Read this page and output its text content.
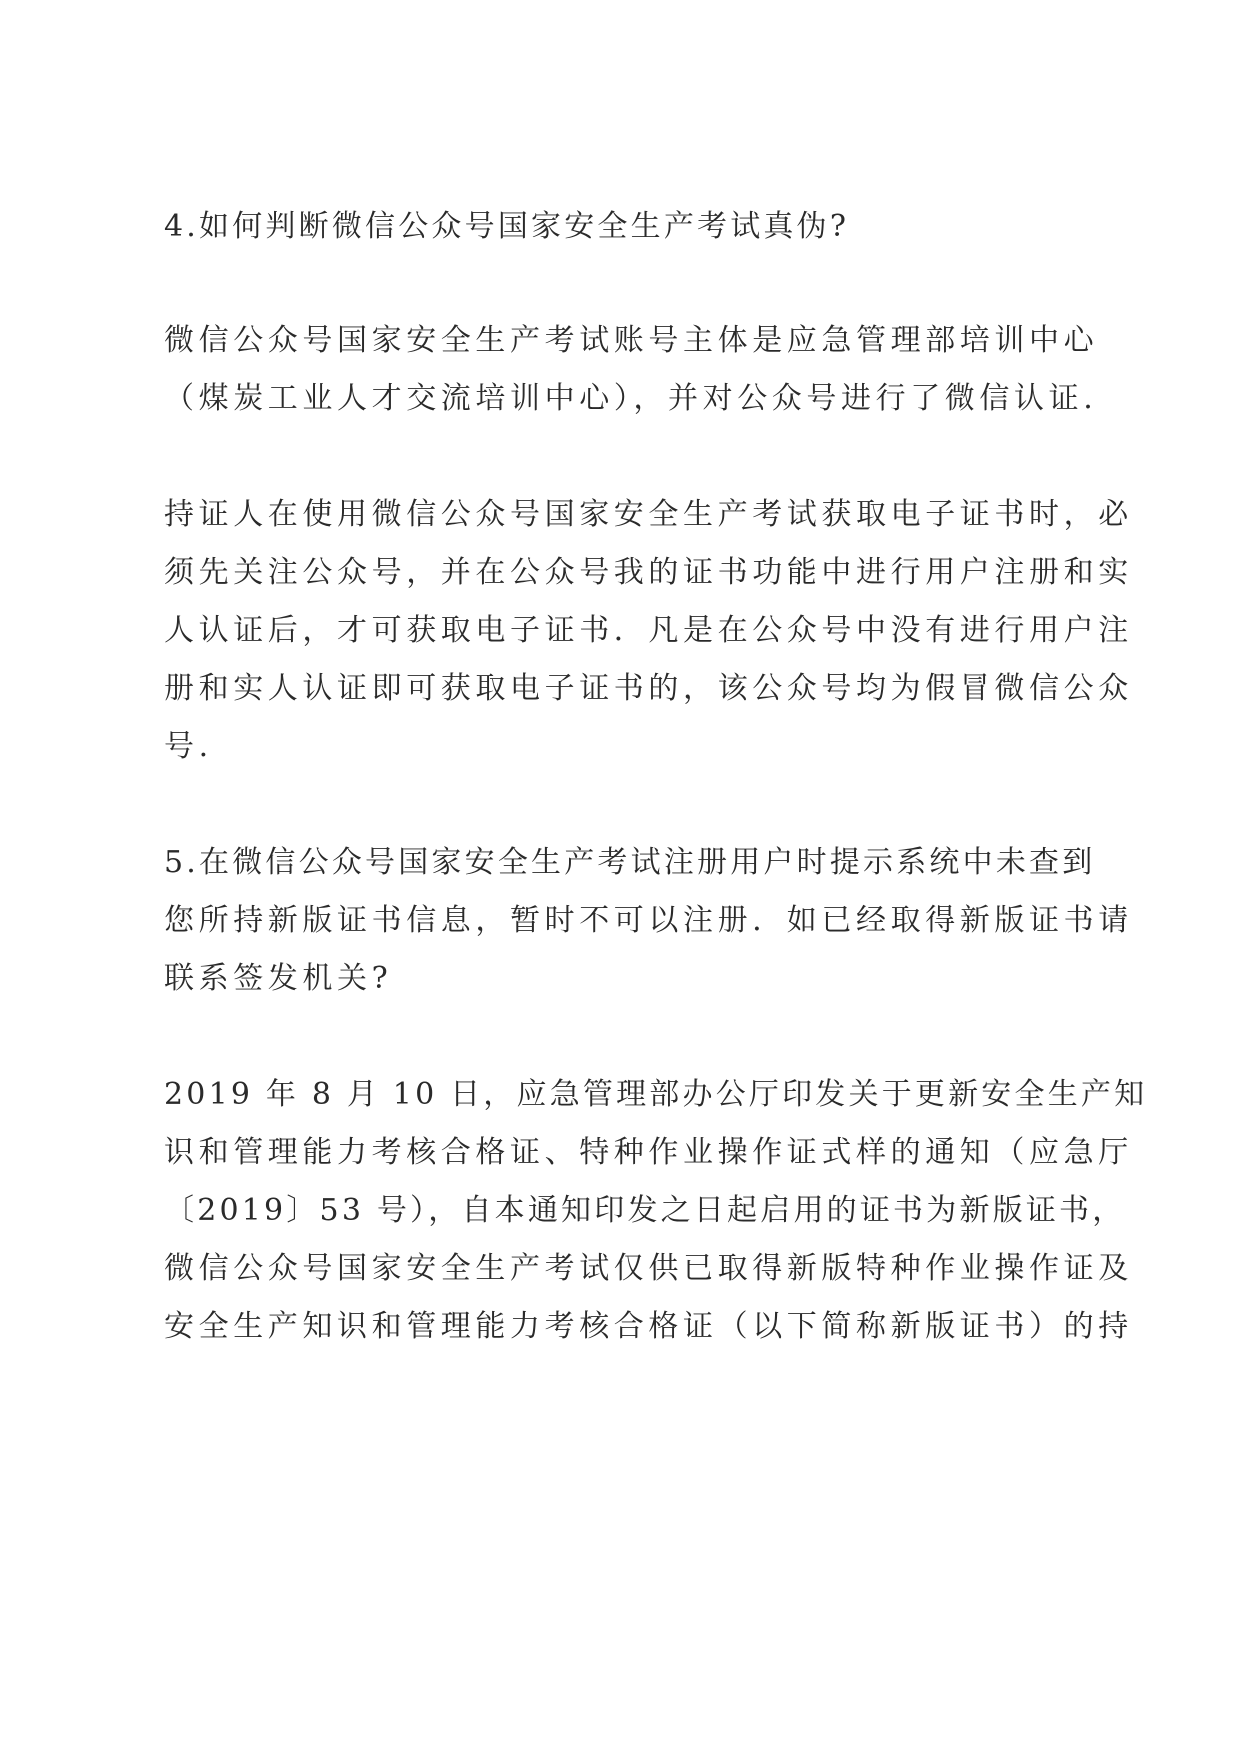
4.如何判断微信公众号国家安全生产考试真伪?
微信公众号国家安全生产考试账号主体是应急管理部培训中心
（煤炭工业人才交流培训中心），并对公众号进行了微信认证.
持证人在使用微信公众号国家安全生产考试获取电子证书时，必
须先关注公众号，并在公众号我的证书功能中进行用户注册和实
人认证后，才可获取电子证书．凡是在公众号中没有进行用户注
册和实人认证即可获取电子证书的，该公众号均为假冒微信公众
号.
5.在微信公众号国家安全生产考试注册用户时提示系统中未查到
您所持新版证书信息，暂时不可以注册．如已经取得新版证书请
联系签发机关?
2019 年 8 月 10 日，应急管理部办公厅印发关于更新安全生产知
识和管理能力考核合格证、特种作业操作证式样的通知（应急厅
〔2019〕53 号），自本通知印发之日起启用的证书为新版证书，
微信公众号国家安全生产考试仅供已取得新版特种作业操作证及
安全生产知识和管理能力考核合格证（以下简称新版证书）的持
